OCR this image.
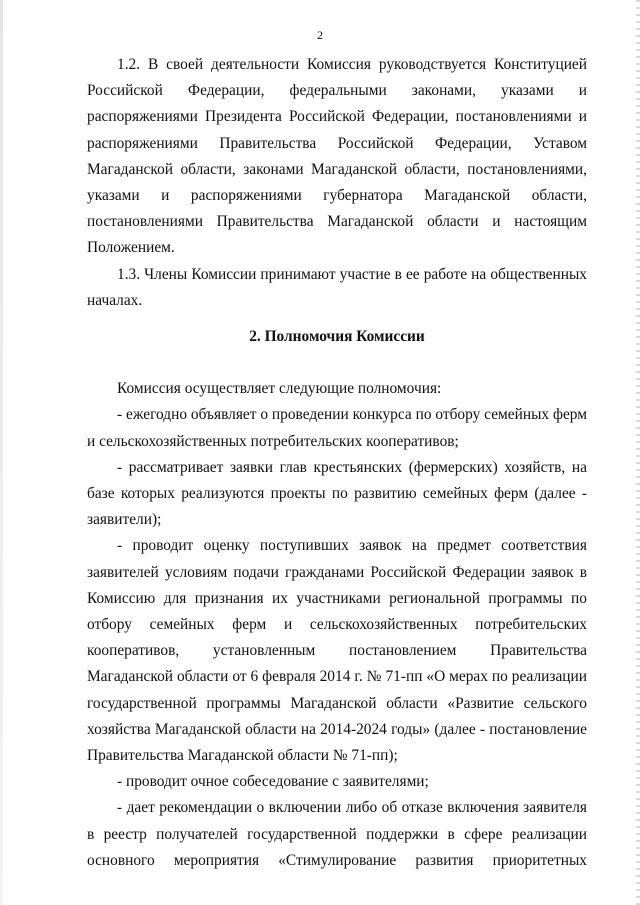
2

1.2. В своей деятельности Комиссия руководствуется Конституцией Российской Федерации, федеральными законами, указами и распоряжениями Президента Российской Федерации, постановлениями и распоряжениями Правительства Российской Федерации, Уставом Магаданской области, законами Магаданской области, постановлениями, указами и распоряжениями губернатора Магаданской области, постановлениями Правительства Магаданской области и настоящим Положением.

1.3. Члены Комиссии принимают участие в ее работе на общественных началах.

2. Полномочия Комиссии

Комиссия осуществляет следующие полномочия:

- ежегодно объявляет о проведении конкурса по отбору семейных ферм и сельскохозяйственных потребительских кооперативов;

- рассматривает заявки глав крестьянских (фермерских) хозяйств, на базе которых реализуются проекты по развитию семейных ферм (далее - заявители);

- проводит оценку поступивших заявок на предмет соответствия заявителей условиям подачи гражданами Российской Федерации заявок в Комиссию для признания их участниками региональной программы по отбору семейных ферм и сельскохозяйственных потребительских кооперативов, установленным постановлением Правительства Магаданской области от 6 февраля 2014 г. № 71-пп «О мерах по реализации государственной программы Магаданской области «Развитие сельского хозяйства Магаданской области на 2014-2024 годы» (далее - постановление Правительства Магаданской области № 71-пп);

- проводит очное собеседование с заявителями;

- дает рекомендации о включении либо об отказе включения заявителя в реестр получателей государственной поддержки в сфере реализации основного мероприятия «Стимулирование развития приоритетных
